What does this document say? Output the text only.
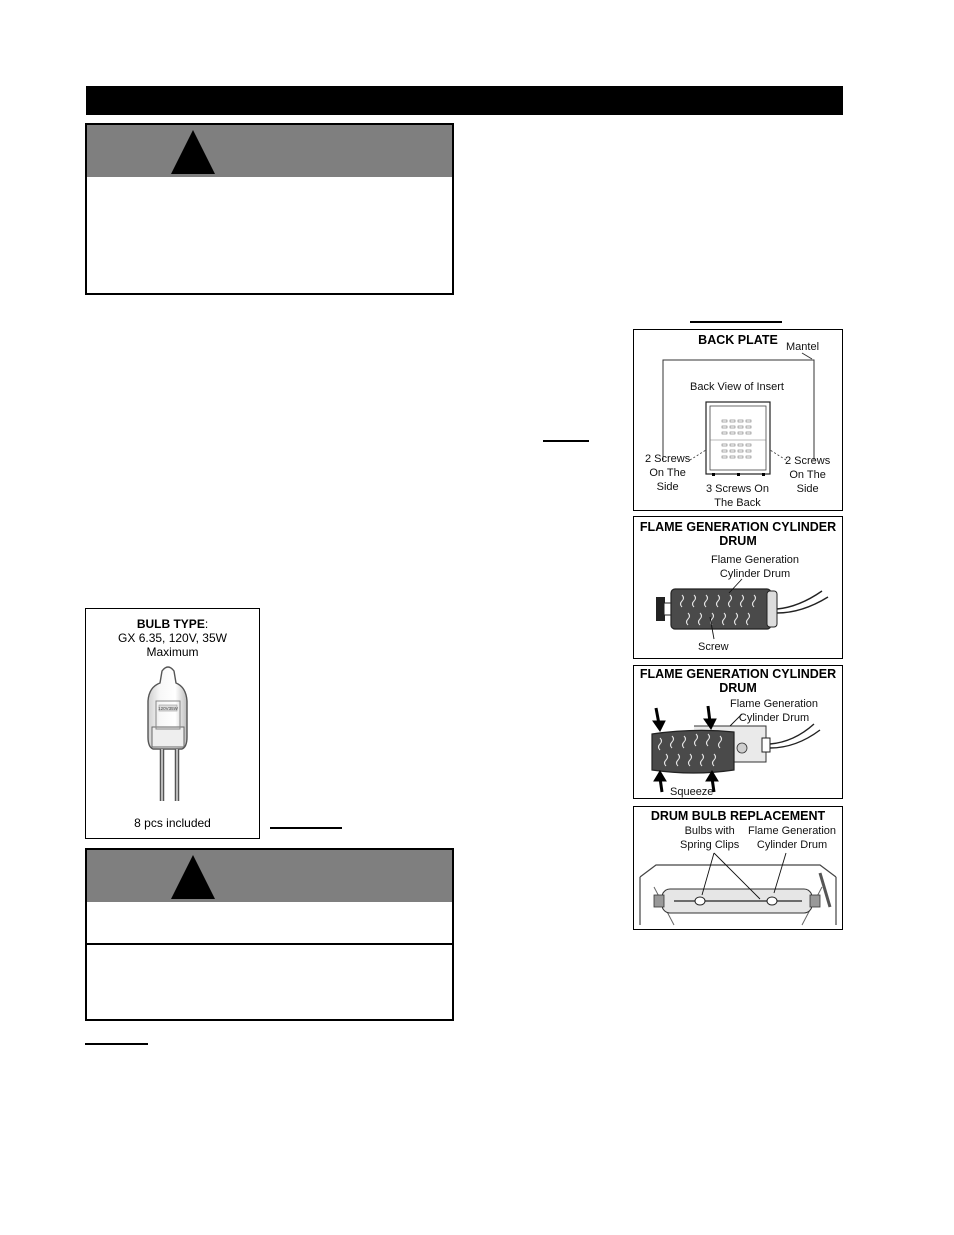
BULB TYPE:
GX 6.35, 120V, 35W
Maximum
120V35W
8 pcs included
BACK PLATE Mantel
Back View of Insert
2 Screws
On The
Side
2 Screws
On The
Side
3 Screws On
The Back
FLAME GENERATION CYLINDER
DRUM
Flame Generation
Cylinder Drum
Screw
FLAME GENERATION CYLINDER
DRUM
Flame Generation
Cylinder Drum
Squeeze
DRUM BULB REPLACEMENT
Bulbs with
Spring Clips
Flame Generation
Cylinder Drum
